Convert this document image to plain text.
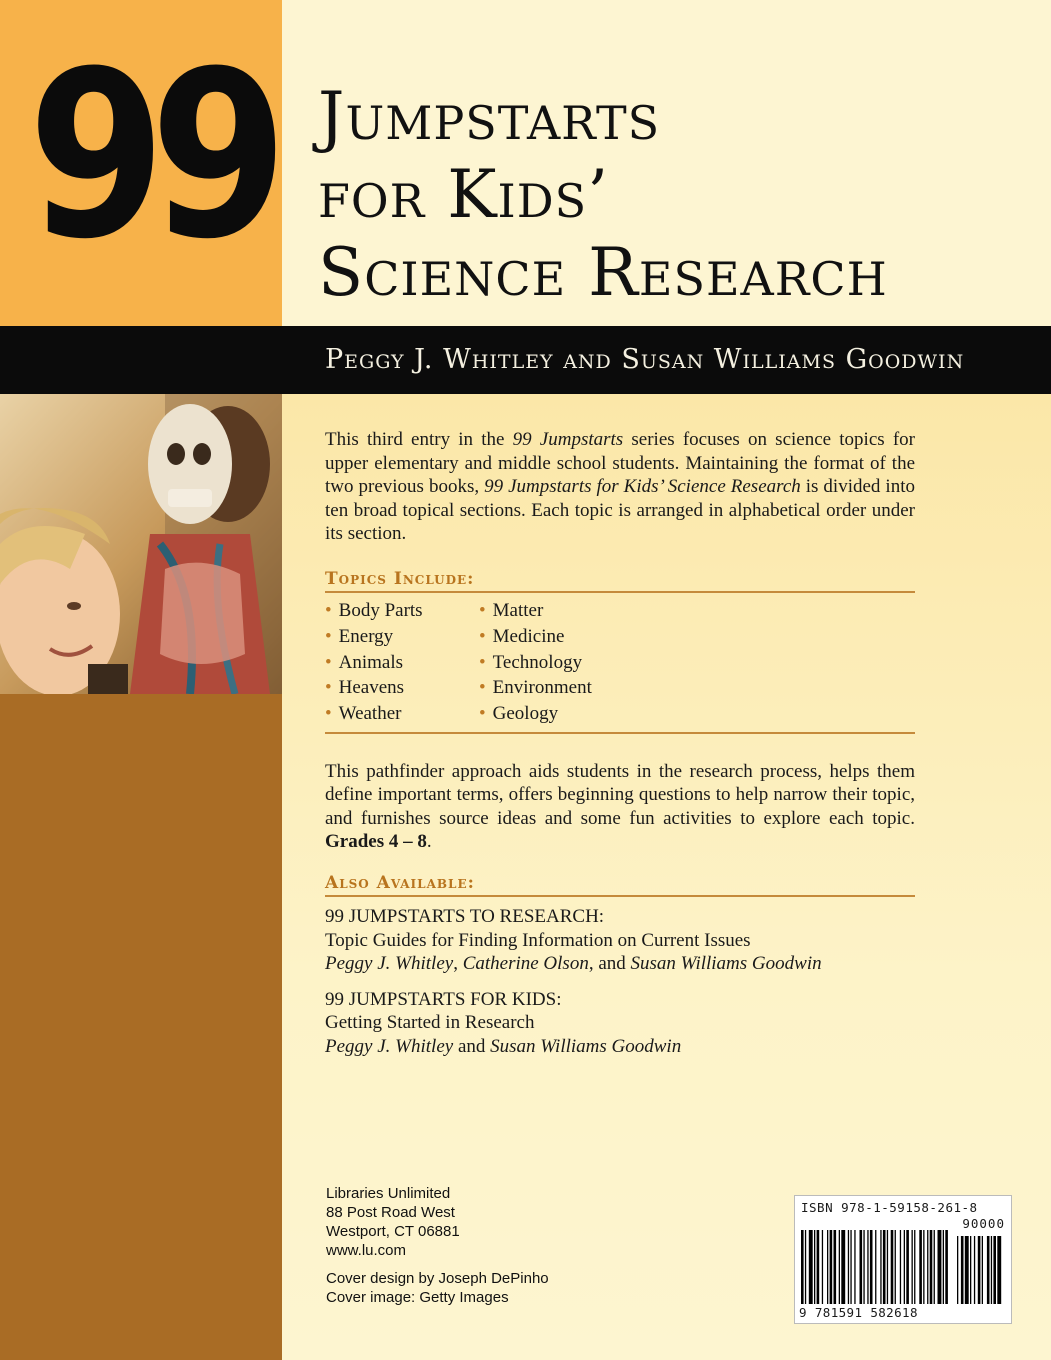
99 Jumpstarts
for Kids’
Science Research
Peggy J. Whitley and Susan Williams Goodwin

This third entry in the 99 Jumpstarts series focuses on science topics for upper elementary and middle school students. Maintaining the format of the two previous books, 99 Jumpstarts for Kids’ Science Research is divided into ten broad topical sections. Each topic is arranged in alphabetical order under its section.

Topics Include:

• Body Parts
• Energy
• Animals
• Heavens
• Weather
• Matter
• Medicine
• Technology
• Environment
• Geology

This pathfinder approach aids students in the research process, helps them define important terms, offers beginning questions to help narrow their topic, and furnishes source ideas and some fun activities to explore each topic. Grades 4 – 8.

Also Available:

99 JUMPSTARTS TO RESEARCH:

Topic Guides for Finding Information on Current Issues

Peggy J. Whitley, Catherine Olson, and Susan Williams Goodwin

99 JUMPSTARTS FOR KIDS:

Getting Started in Research

Peggy J. Whitley and Susan Williams Goodwin

Libraries Unlimited
88 Post Road West
Westport, CT 06881
www.lu.com
Cover design by Joseph DePinho
Cover image: Getty Images
ISBN 978-1-59158-261-8
90000
9 781591 582618
